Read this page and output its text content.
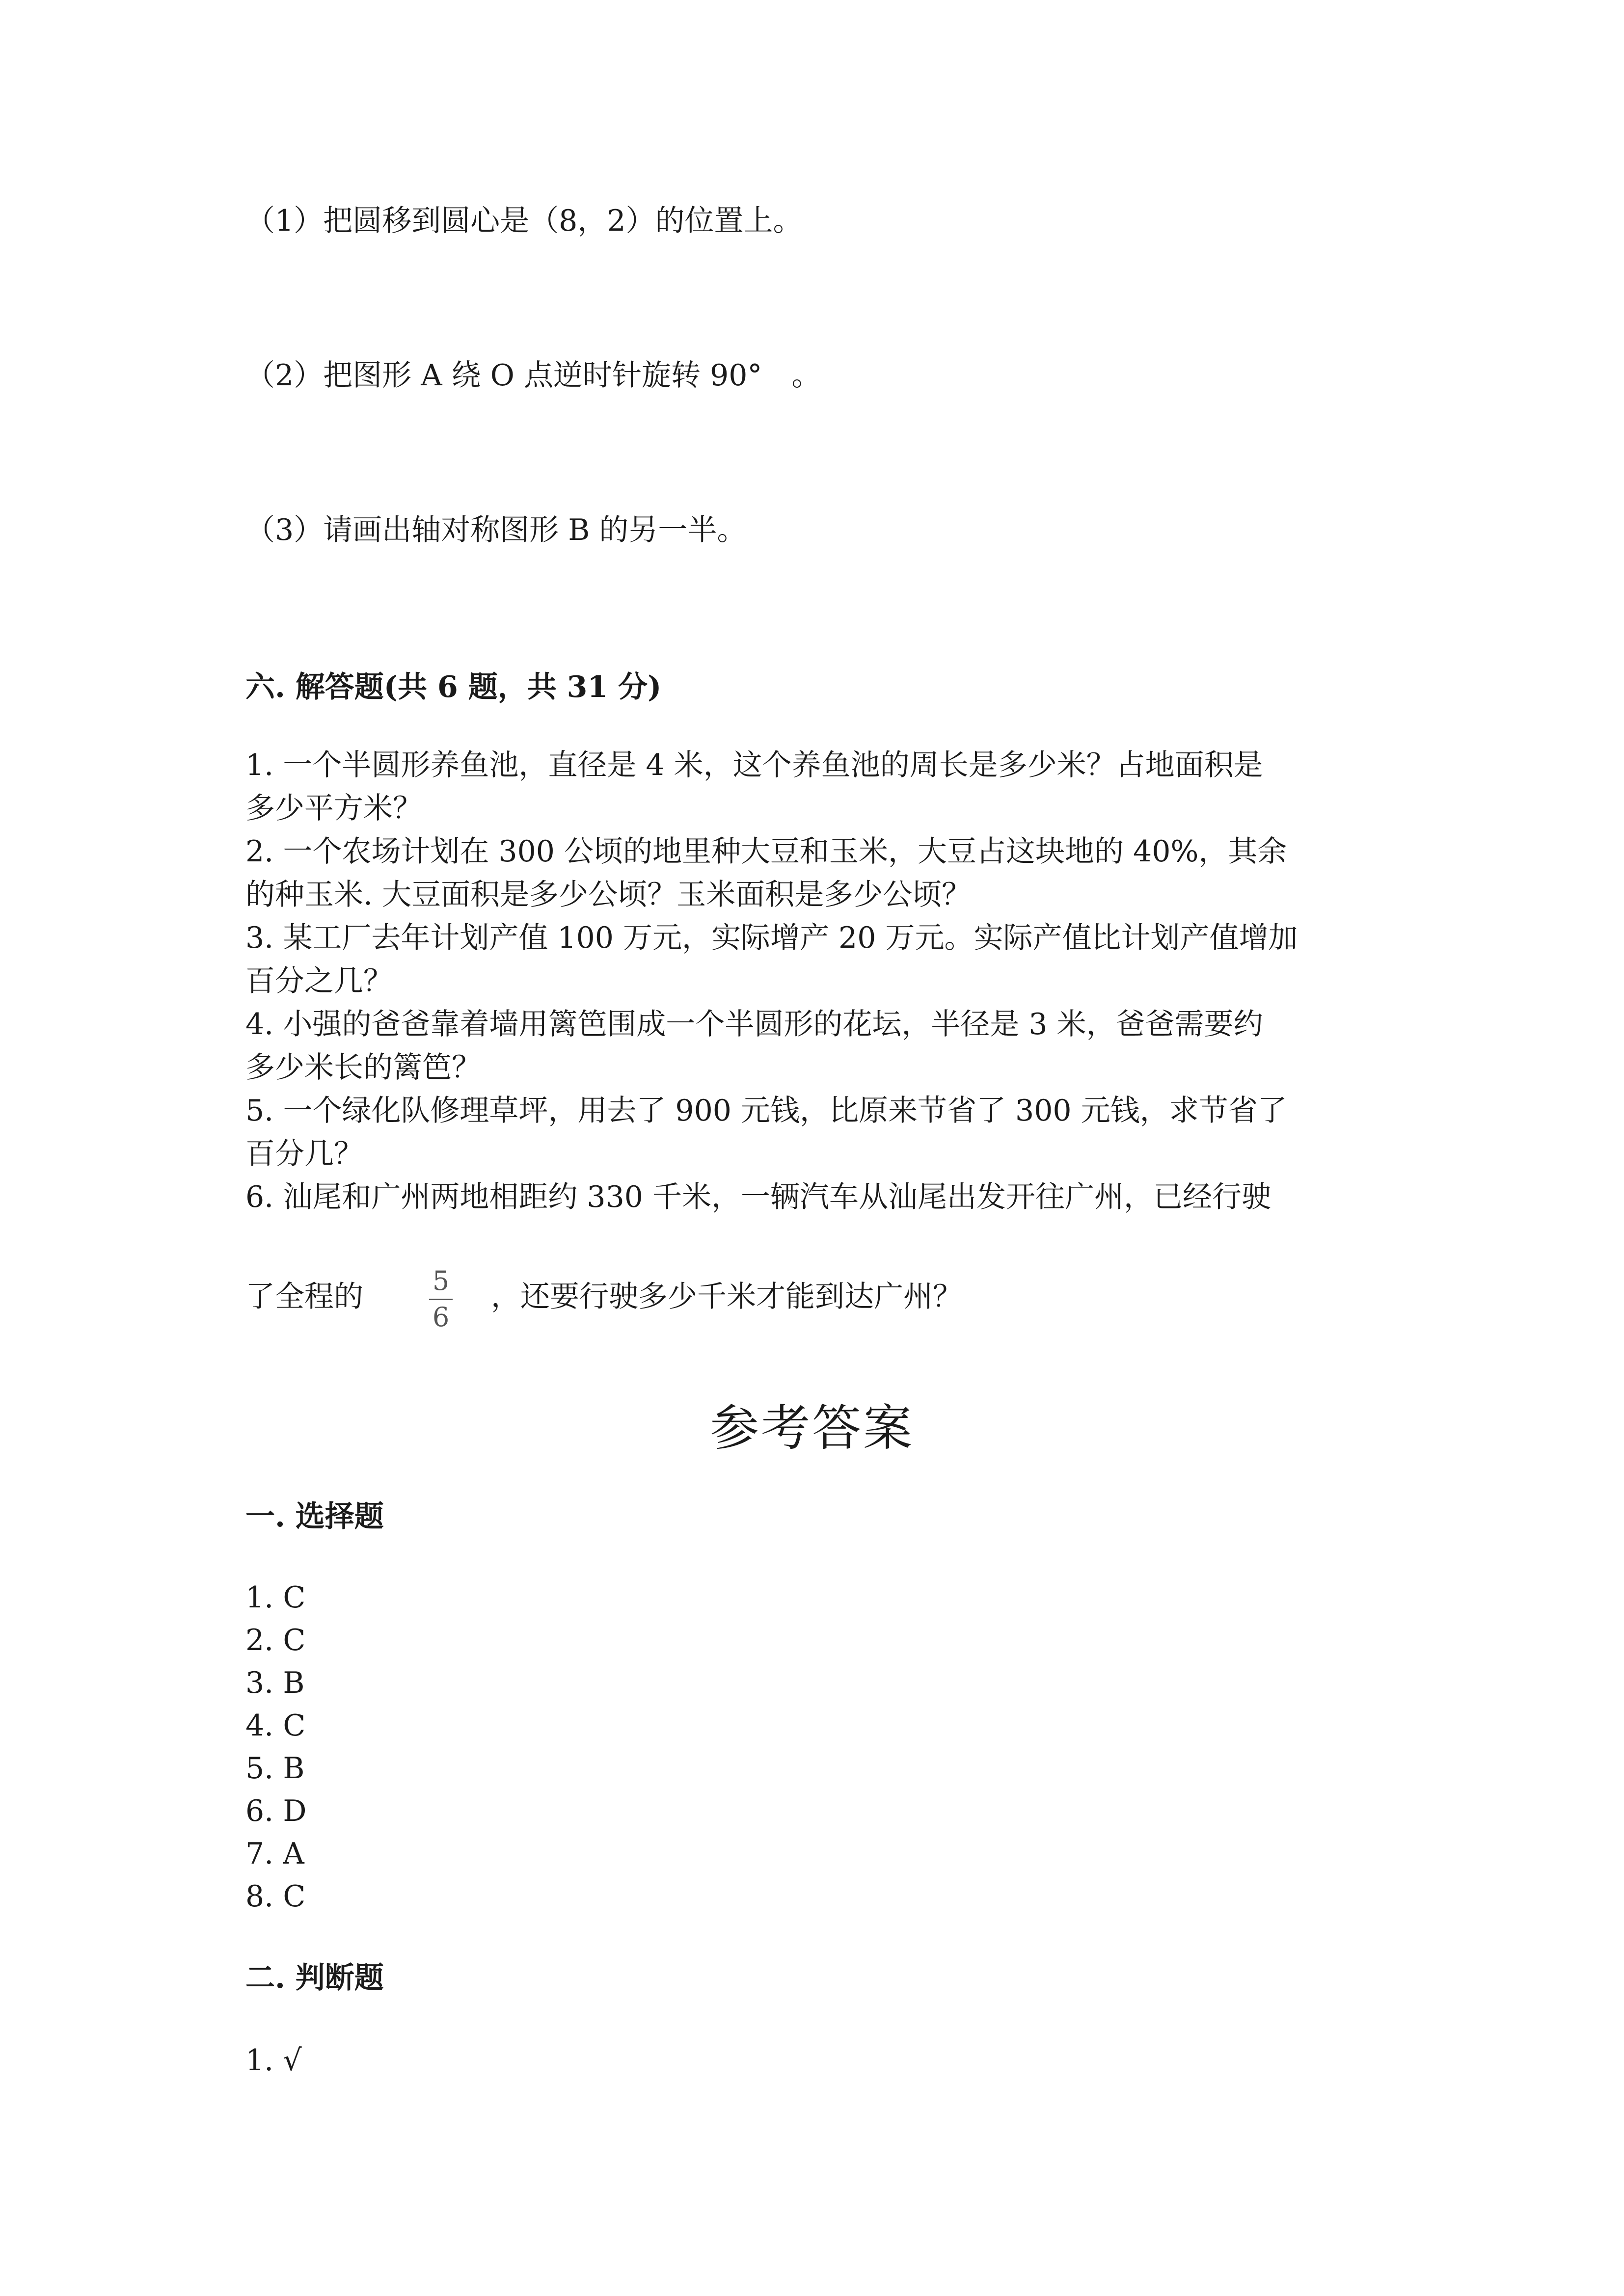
（1）把圆移到圆心是（8，2）的位置上。

（2）把图形 A 绕 O 点逆时针旋转 90°　。

（3）请画出轴对称图形 B 的另一半。

六. 解答题(共 6 题，共 31 分)

1. 一个半圆形养鱼池，直径是 4 米，这个养鱼池的周长是多少米？占地面积是

多少平方米？

2. 一个农场计划在 300 公顷的地里种大豆和玉米，大豆占这块地的 40%，其余

的种玉米. 大豆面积是多少公顷？玉米面积是多少公顷？

3. 某工厂去年计划产值 100 万元，实际增产 20 万元。实际产值比计划产值增加

百分之几？

4. 小强的爸爸靠着墙用篱笆围成一个半圆形的花坛，半径是 3 米，爸爸需要约

多少米长的篱笆？

5. 一个绿化队修理草坪，用去了 900 元钱，比原来节省了 300 元钱，求节省了

百分几？

6. 汕尾和广州两地相距约 330 千米，一辆汽车从汕尾出发开往广州，已经行驶

了全程的	5
6

，还要行驶多少千米才能到达广州？

参考答案

一. 选择题

1. C

2. C

3. B

4. C

5. B

6. D

7. A

8. C

二. 判断题

1. √
